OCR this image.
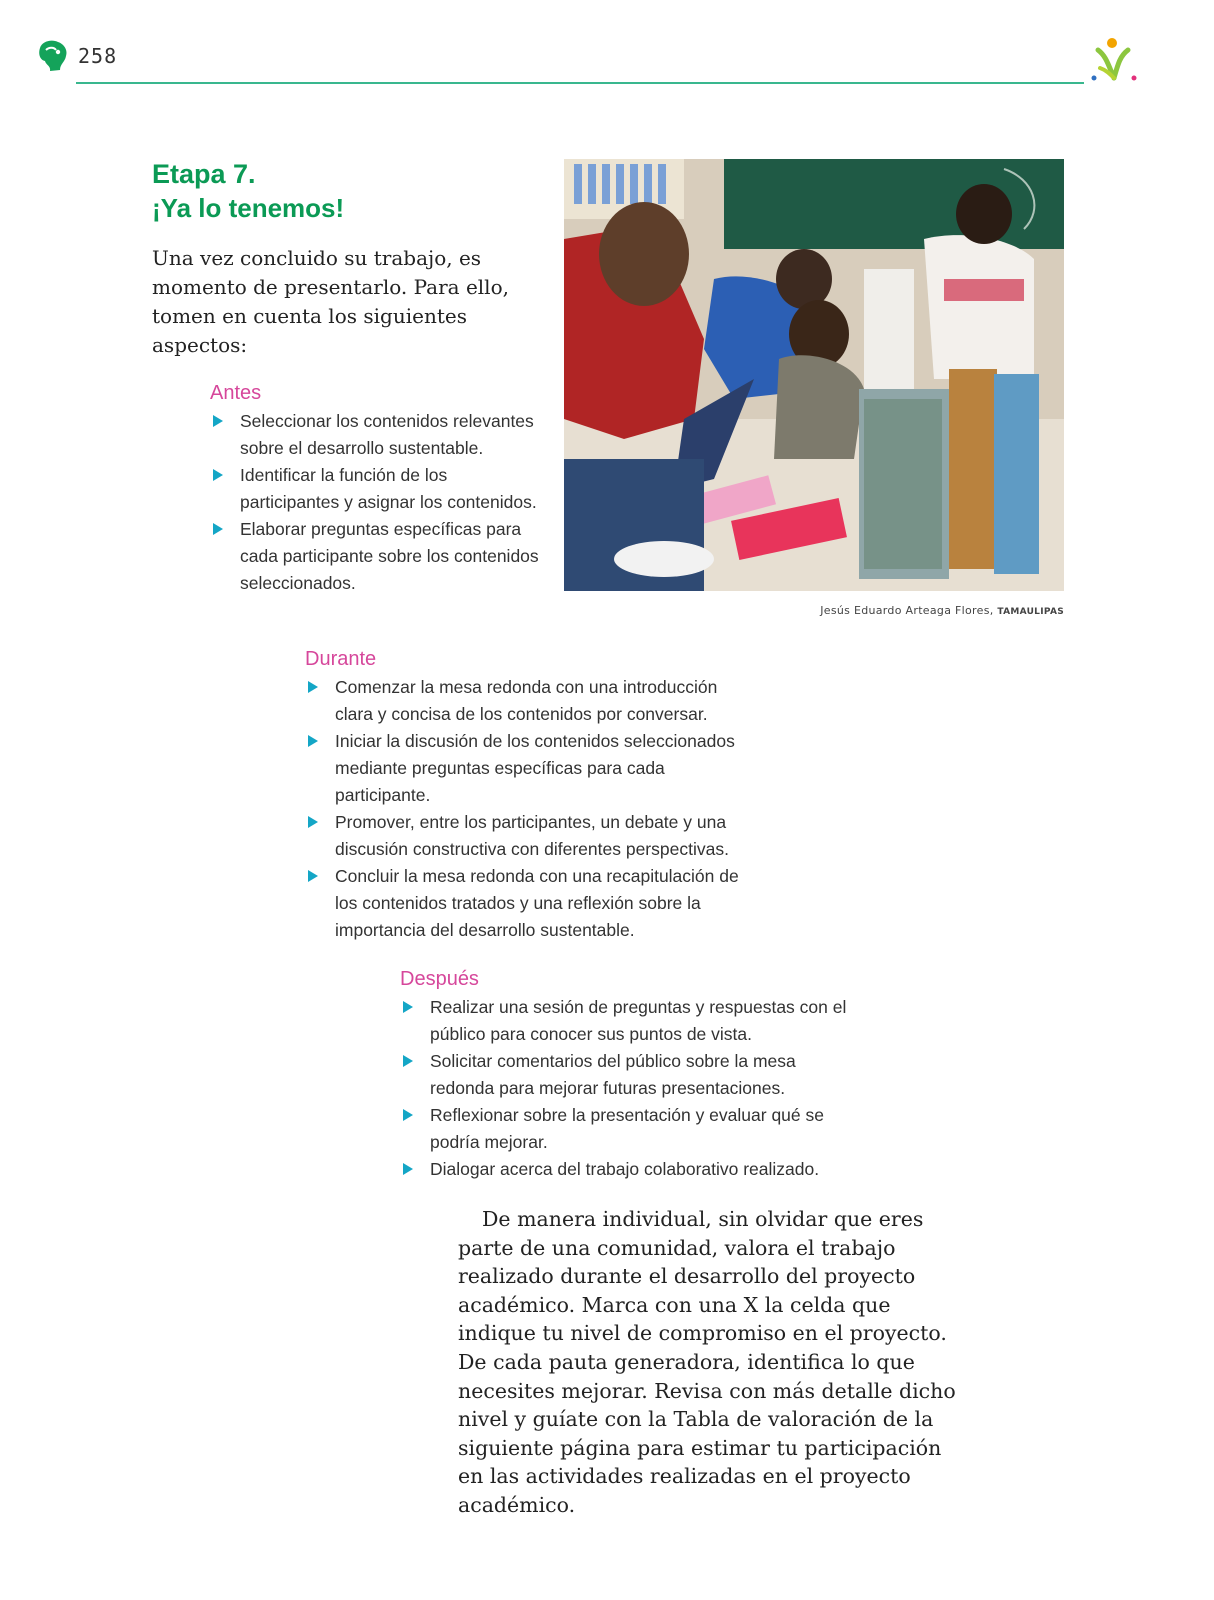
258
Etapa 7.
¡Ya lo tenemos!

Una vez concluido su trabajo, es momento de presentarlo. Para ello, tomen en cuenta los siguientes aspectos:

Antes
Seleccionar los contenidos relevantes sobre el desarrollo sustentable.
Identificar la función de los participantes y asignar los contenidos.
Elaborar preguntas específicas para cada participante sobre los contenidos seleccionados.
Jesús Eduardo Arteaga Flores, TAMAULIPAS
Durante
Comenzar la mesa redonda con una introducción clara y concisa de los contenidos por conversar.
Iniciar la discusión de los contenidos seleccionados mediante preguntas específicas para cada participante.
Promover, entre los participantes, un debate y una discusión constructiva con diferentes perspectivas.
Concluir la mesa redonda con una recapitulación de los contenidos tratados y una reflexión sobre la importancia del desarrollo sustentable.
Después
Realizar una sesión de preguntas y respuestas con el público para conocer sus puntos de vista.
Solicitar comentarios del público sobre la mesa redonda para mejorar futuras presentaciones.
Reflexionar sobre la presentación y evaluar qué se podría mejorar.
Dialogar acerca del trabajo colaborativo realizado.

De manera individual, sin olvidar que eres parte de una comunidad, valora el trabajo realizado durante el desarrollo del proyecto académico. Marca con una X la celda que indique tu nivel de compromiso en el proyecto. De cada pauta generadora, identifica lo que necesites mejorar. Revisa con más detalle dicho nivel y guíate con la Tabla de valoración de la siguiente página para estimar tu participación en las actividades realizadas en el proyecto académico.
